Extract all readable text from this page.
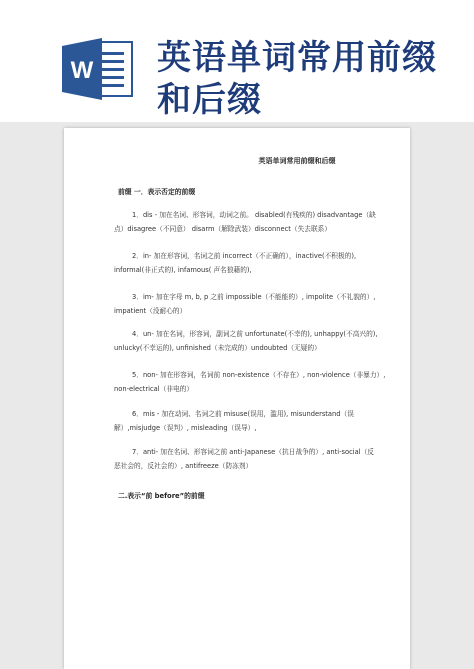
W 英语单词常用前缀
和后缀
英语单词常用前缀和后缀
前缀 一．表示否定的前缀

1．dis - 加在名词、形容词，动词之前。 disabled(有残疾的) disadvantage（缺

点）disagree（不同意） disarm（解除武装）disconnect（失去联系）

2．in- 加在形容词，名词之前 incorrect（不正确的），inactive(不积极的),

informal(非正式的), infamous( 声名狼藉的),

3．im- 加在字母 m, b, p 之前 impossible（不能能的）, impolite（不礼貌的）,

impatient（没耐心的）

4．un- 加在名词，形容词，副词之前 unfortunate(不幸的), unhappy(不高兴的),

unlucky(不幸运的), unfinished（未完成的）undoubted（无疑的）

5．non- 加在形容词，名词前 non-existence（不存在）, non-violence（非暴力）,

non-electrical（非电的）

6．mis - 加在动词、名词之前 misuse(误用，滥用), misunderstand（误

解）,misjudge（误判）, misleading（误导）,

7．anti- 加在名词、形容词之前 anti-Japanese（抗日战争的）, anti-social（反

恶社会的，反社会的）, antifreeze（防冻剂）

二.表示“前 before”的前缀
